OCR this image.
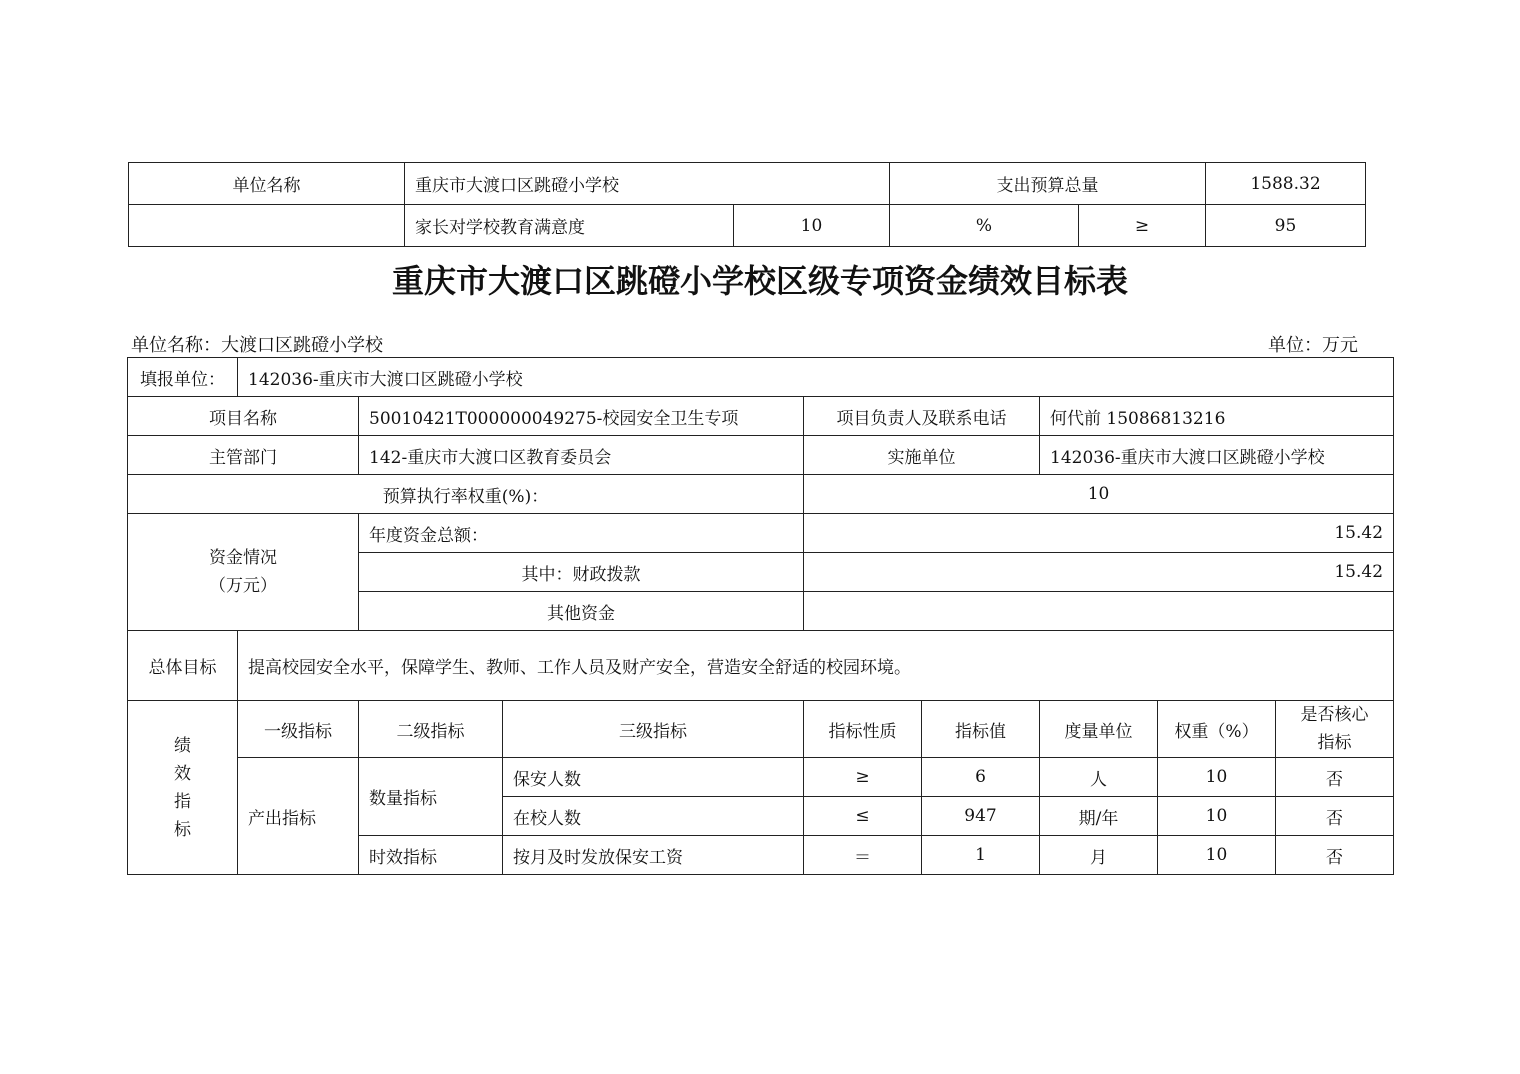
单位名称	重庆市大渡口区跳磴小学校		支出预算总量		1588.32
	家长对学校教育满意度	10	%	≥	95
重庆市大渡口区跳磴小学校区级专项资金绩效目标表
单位名称：大渡口区跳磴小学校	单位：万元
填报单位：	142036-重庆市大渡口区跳磴小学校							
项目名称		50010421T000000049275-校园安全卫生专项		项目负责人及联系电话		何代前 15086813216		
主管部门		142-重庆市大渡口区教育委员会		实施单位		142036-重庆市大渡口区跳磴小学校		
预算执行率权重(%)：				10				

资金情况
（万元）		年度资金总额：		15.42				
		其中：财政拨款		15.42				
		其他资金						
总体目标	提高校园安全水平，保障学生、教师、工作人员及财产安全，营造安全舒适的校园环境。							

绩
效
指
标	一级指标	二级指标	三级指标	指标性质	指标值	度量单位	权重（%）	是否核心指标
	产出指标	数量指标	保安人数	≥	6	人	10	否
			在校人数	≤	947	期/年	10	否
		时效指标	按月及时发放保安工资	＝	1	月	10	否
